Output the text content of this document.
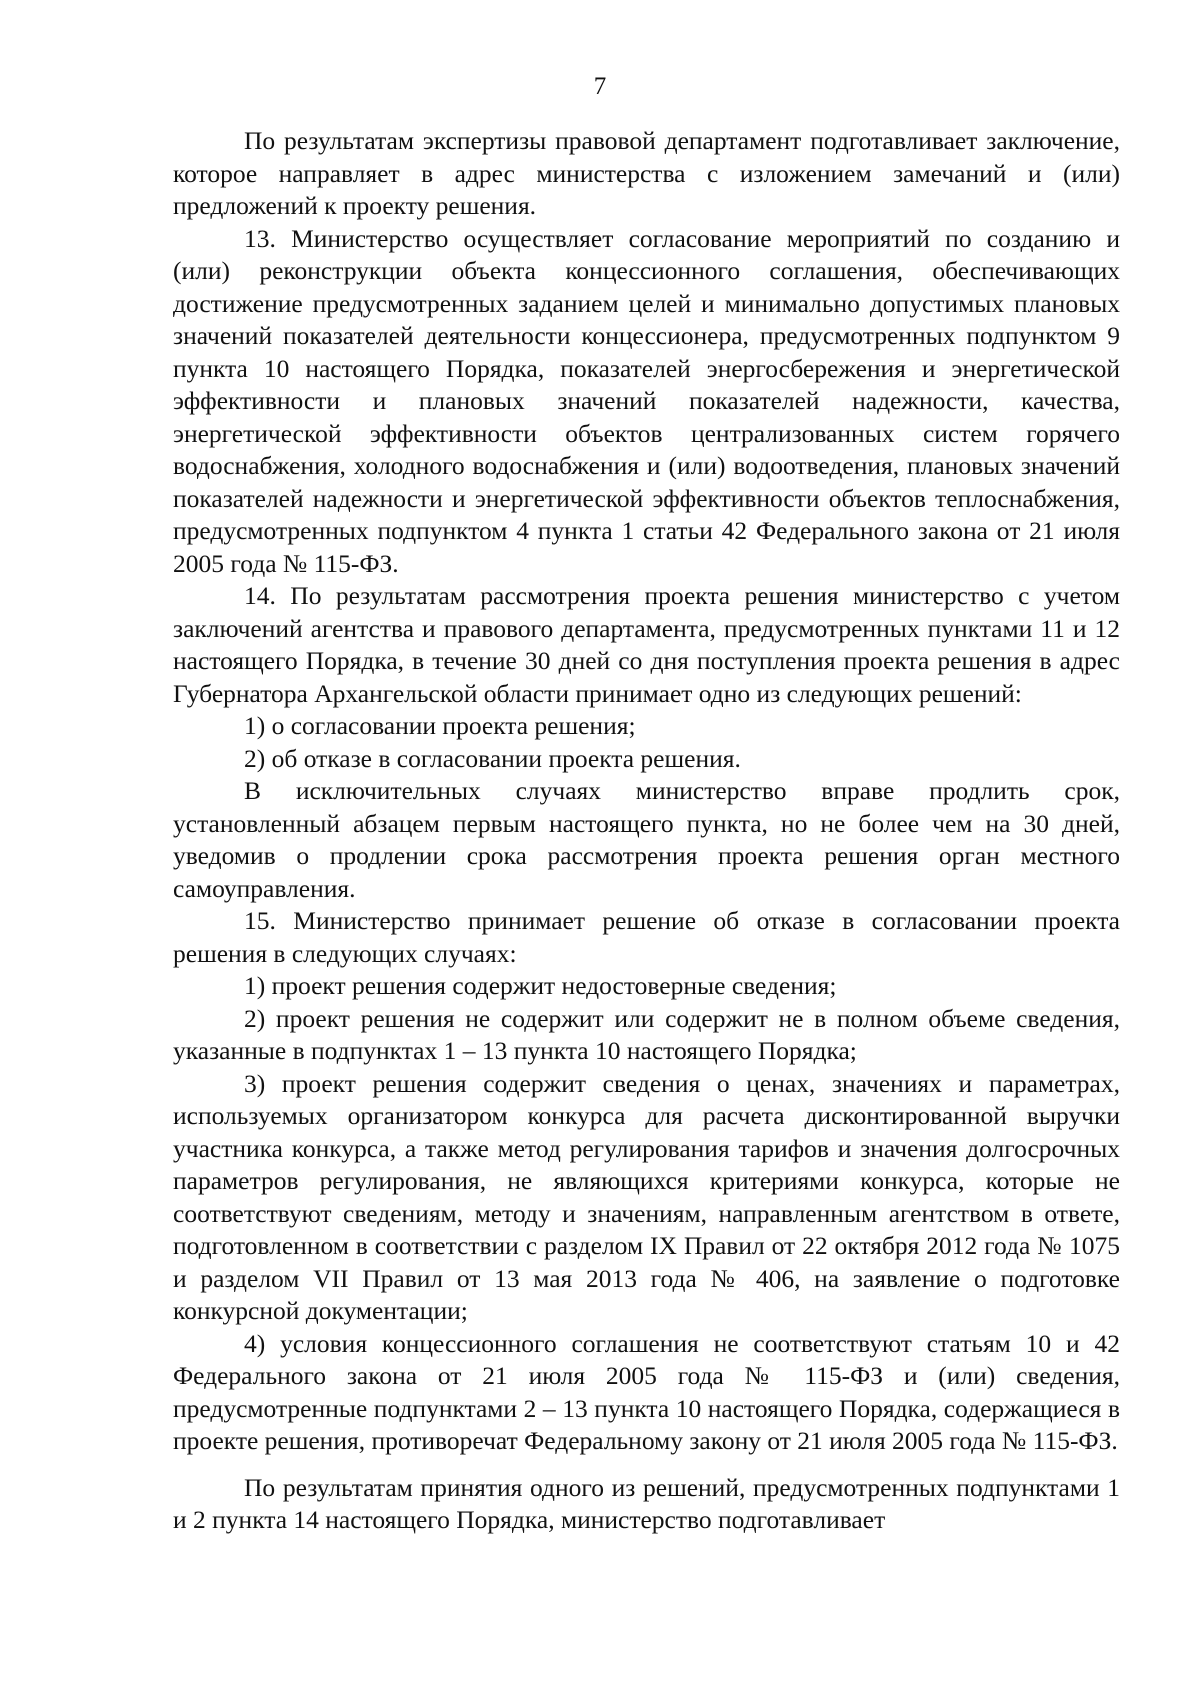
7

По результатам экспертизы правовой департамент подготавливает заключение, которое направляет в адрес министерства с изложением замечаний и (или) предложений к проекту решения.

13. Министерство осуществляет согласование мероприятий по созданию и (или) реконструкции объекта концессионного соглашения, обеспечивающих достижение предусмотренных заданием целей и минимально допустимых плановых значений показателей деятельности концессионера, предусмотренных подпунктом 9 пункта 10 настоящего Порядка, показателей энергосбережения и энергетической эффективности и плановых значений показателей надежности, качества, энергетической эффективности объектов централизованных систем горячего водоснабжения, холодного водоснабжения и (или) водоотведения, плановых значений показателей надежности и энергетической эффективности объектов теплоснабжения, предусмотренных подпунктом 4 пункта 1 статьи 42 Федерального закона от 21 июля 2005 года № 115-ФЗ.

14. По результатам рассмотрения проекта решения министерство с учетом заключений агентства и правового департамента, предусмотренных пунктами 11 и 12 настоящего Порядка, в течение 30 дней со дня поступления проекта решения в адрес Губернатора Архангельской области принимает одно из следующих решений:

1) о согласовании проекта решения;

2) об отказе в согласовании проекта решения.

В исключительных случаях министерство вправе продлить срок, установленный абзацем первым настоящего пункта, но не более чем на 30 дней, уведомив о продлении срока рассмотрения проекта решения орган местного самоуправления.

15. Министерство принимает решение об отказе в согласовании проекта решения в следующих случаях:

1) проект решения содержит недостоверные сведения;

2) проект решения не содержит или содержит не в полном объеме сведения, указанные в подпунктах 1 – 13 пункта 10 настоящего Порядка;

3) проект решения содержит сведения о ценах, значениях и параметрах, используемых организатором конкурса для расчета дисконтированной выручки участника конкурса, а также метод регулирования тарифов и значения долгосрочных параметров регулирования, не являющихся критериями конкурса, которые не соответствуют сведениям, методу и значениям, направленным агентством в ответе, подготовленном в соответствии с разделом IX Правил от 22 октября 2012 года № 1075 и разделом VII Правил от 13 мая 2013 года № 406, на заявление о подготовке конкурсной документации;

4) условия концессионного соглашения не соответствуют статьям 10 и 42 Федерального закона от 21 июля 2005 года № 115-ФЗ и (или) сведения, предусмотренные подпунктами 2 – 13 пункта 10 настоящего Порядка, содержащиеся в проекте решения, противоречат Федеральному закону от 21 июля 2005 года № 115-ФЗ.

По результатам принятия одного из решений, предусмотренных подпунктами 1 и 2 пункта 14 настоящего Порядка, министерство подготавливает
